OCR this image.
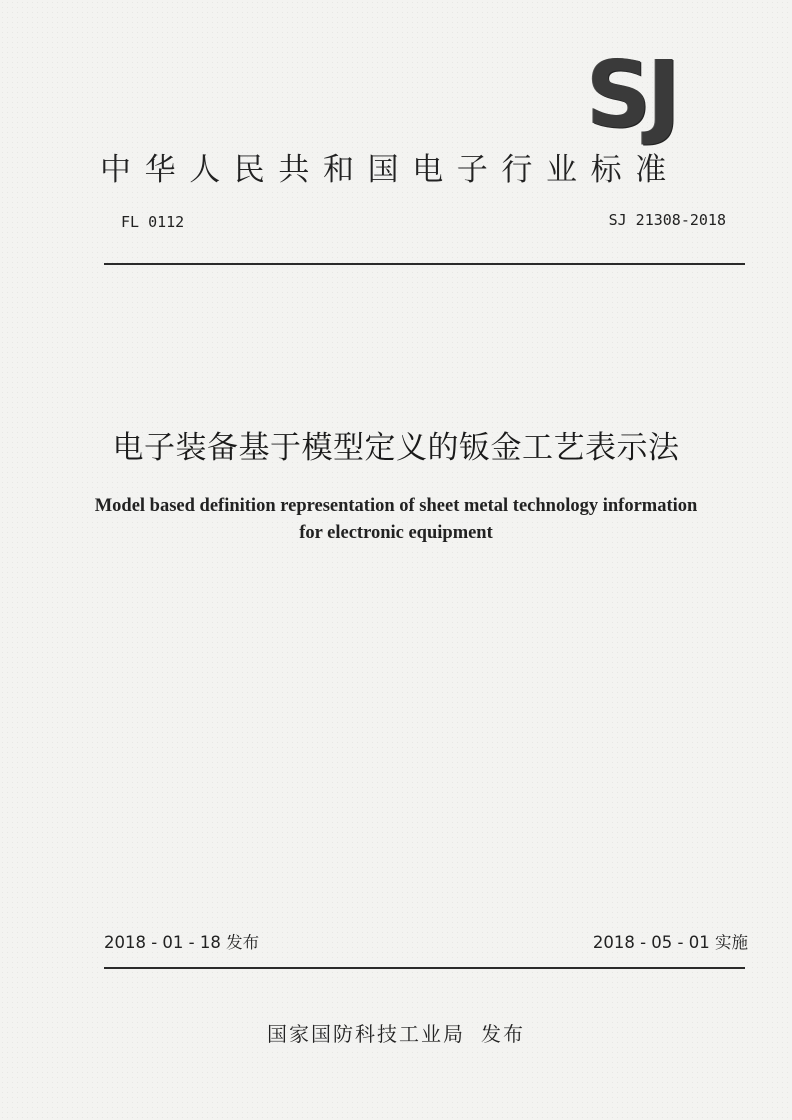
SJ
中华人民共和国电子行业标准
FL 0112	SJ 21308-2018
电子装备基于模型定义的钣金工艺表示法
Model based definition representation of sheet metal technology information
for electronic equipment
2018 - 01 - 18 发布	2018 - 05 - 01 实施
国家国防科技工业局 发布
